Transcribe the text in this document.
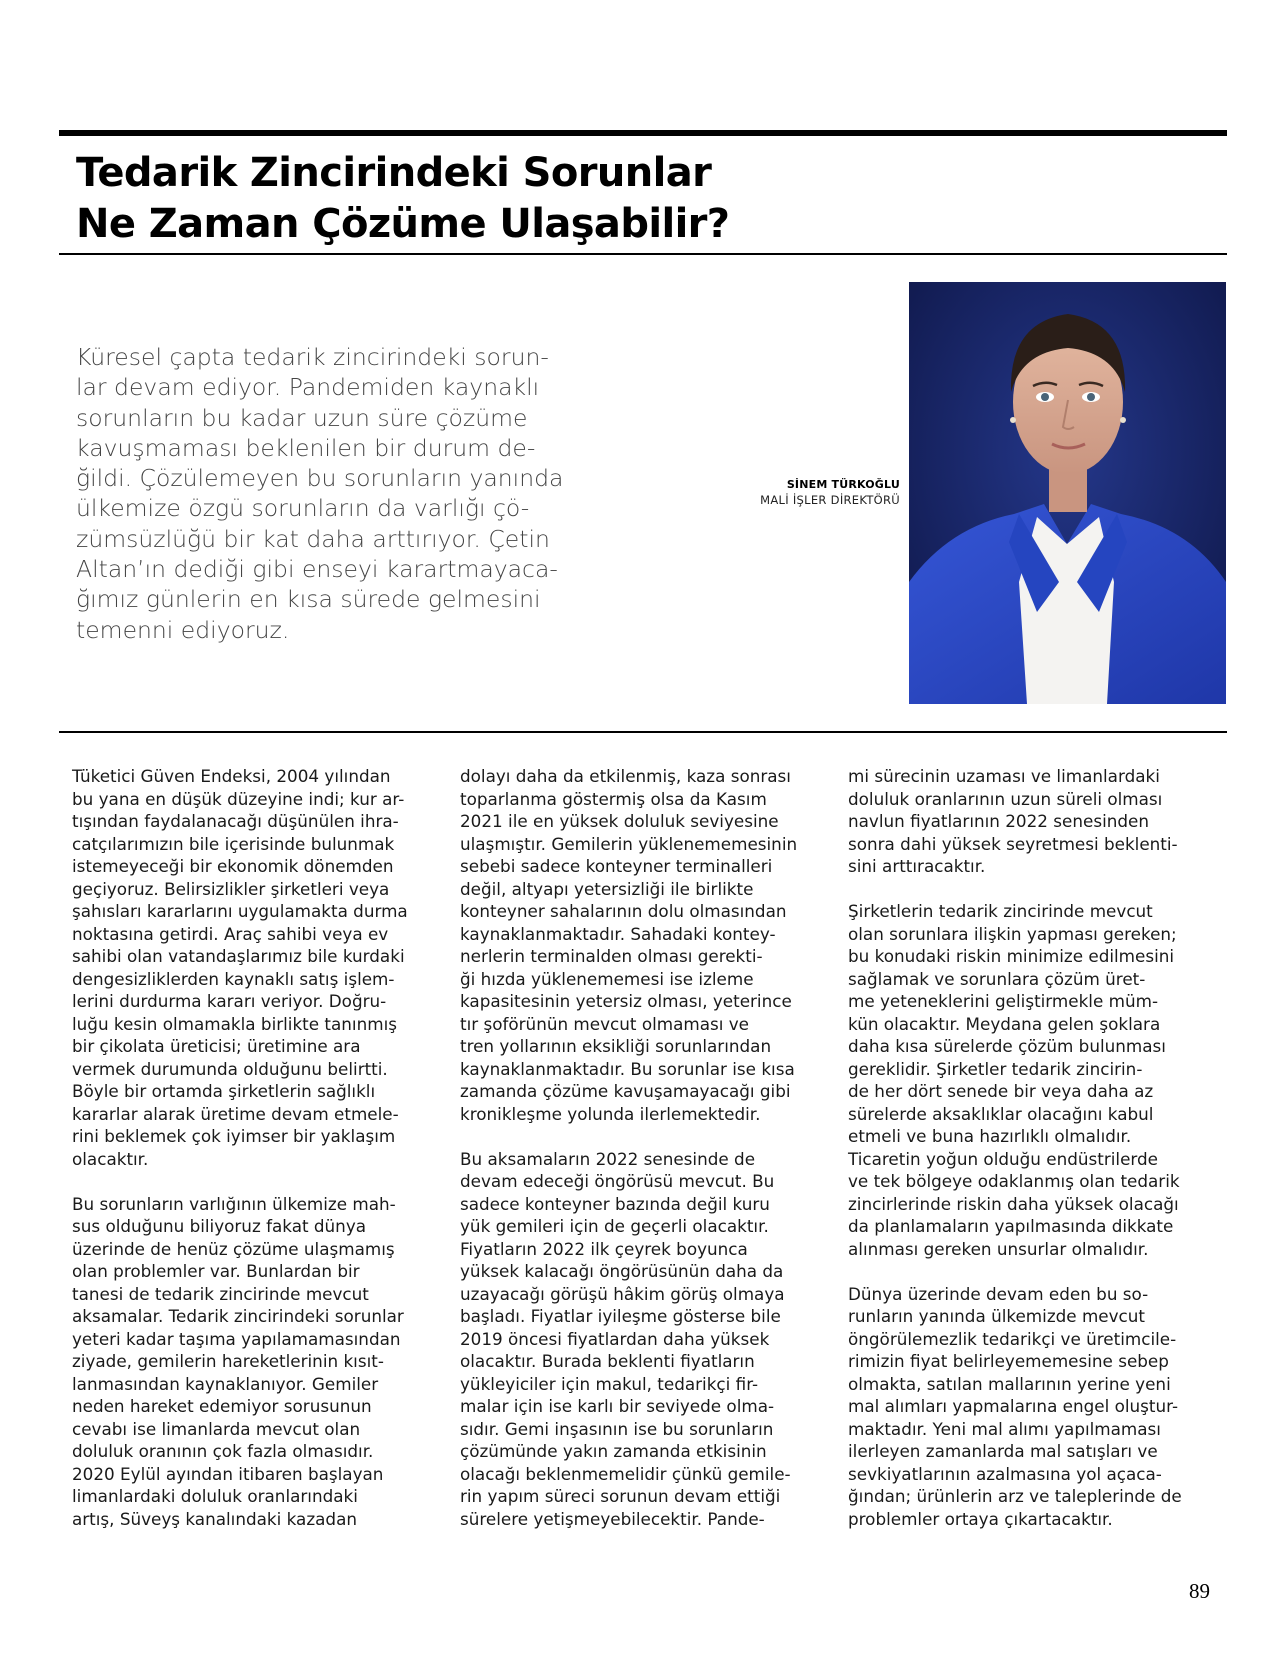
Tedarik Zincirindeki Sorunlar
Ne Zaman Çözüme Ulaşabilir?
Küresel çapta tedarik zincirindeki sorun-
lar devam ediyor. Pandemiden kaynaklı
sorunların bu kadar uzun süre çözüme
kavuşmaması beklenilen bir durum de-
ğildi. Çözülemeyen bu sorunların yanında
ülkemize özgü sorunların da varlığı çö-
zümsüzlüğü bir kat daha arttırıyor. Çetin
Altan’ın dediği gibi enseyi karartmayaca-
ğımız günlerin en kısa sürede gelmesini
temenni ediyoruz.
SİNEM TÜRKOĞLU
MALİ İŞLER DİREKTÖRÜ

Tüketici Güven Endeksi, 2004 yılından
bu yana en düşük düzeyine indi; kur ar-
tışından faydalanacağı düşünülen ihra-
catçılarımızın bile içerisinde bulunmak
istemeyeceği bir ekonomik dönemden
geçiyoruz. Belirsizlikler şirketleri veya
şahısları kararlarını uygulamakta durma
noktasına getirdi. Araç sahibi veya ev
sahibi olan vatandaşlarımız bile kurdaki
dengesizliklerden kaynaklı satış işlem-
lerini durdurma kararı veriyor. Doğru-
luğu kesin olmamakla birlikte tanınmış
bir çikolata üreticisi; üretimine ara
vermek durumunda olduğunu belirtti.
Böyle bir ortamda şirketlerin sağlıklı
kararlar alarak üretime devam etmele-
rini beklemek çok iyimser bir yaklaşım
olacaktır.

Bu sorunların varlığının ülkemize mah-
sus olduğunu biliyoruz fakat dünya
üzerinde de henüz çözüme ulaşmamış
olan problemler var. Bunlardan bir
tanesi de tedarik zincirinde mevcut
aksamalar. Tedarik zincirindeki sorunlar
yeteri kadar taşıma yapılamamasından
ziyade, gemilerin hareketlerinin kısıt-
lanmasından kaynaklanıyor. Gemiler
neden hareket edemiyor sorusunun
cevabı ise limanlarda mevcut olan
doluluk oranının çok fazla olmasıdır.
2020 Eylül ayından itibaren başlayan
limanlardaki doluluk oranlarındaki
artış, Süveyş kanalındaki kazadan

dolayı daha da etkilenmiş, kaza sonrası
toparlanma göstermiş olsa da Kasım
2021 ile en yüksek doluluk seviyesine
ulaşmıştır. Gemilerin yüklenememesinin
sebebi sadece konteyner terminalleri
değil, altyapı yetersizliği ile birlikte
konteyner sahalarının dolu olmasından
kaynaklanmaktadır. Sahadaki kontey-
nerlerin terminalden olması gerekti-
ği hızda yüklenememesi ise izleme
kapasitesinin yetersiz olması, yeterince
tır şoförünün mevcut olmaması ve
tren yollarının eksikliği sorunlarından
kaynaklanmaktadır. Bu sorunlar ise kısa
zamanda çözüme kavuşamayacağı gibi
kronikleşme yolunda ilerlemektedir.

Bu aksamaların 2022 senesinde de
devam edeceği öngörüsü mevcut. Bu
sadece konteyner bazında değil kuru
yük gemileri için de geçerli olacaktır.
Fiyatların 2022 ilk çeyrek boyunca
yüksek kalacağı öngörüsünün daha da
uzayacağı görüşü hâkim görüş olmaya
başladı. Fiyatlar iyileşme gösterse bile
2019 öncesi fiyatlardan daha yüksek
olacaktır. Burada beklenti fiyatların
yükleyiciler için makul, tedarikçi fir-
malar için ise karlı bir seviyede olma-
sıdır. Gemi inşasının ise bu sorunların
çözümünde yakın zamanda etkisinin
olacağı beklenmemelidir çünkü gemile-
rin yapım süreci sorunun devam ettiği
sürelere yetişmeyebilecektir. Pande-

mi sürecinin uzaması ve limanlardaki
doluluk oranlarının uzun süreli olması
navlun fiyatlarının 2022 senesinden
sonra dahi yüksek seyretmesi beklenti-
sini arttıracaktır.

Şirketlerin tedarik zincirinde mevcut
olan sorunlara ilişkin yapması gereken;
bu konudaki riskin minimize edilmesini
sağlamak ve sorunlara çözüm üret-
me yeteneklerini geliştirmekle müm-
kün olacaktır. Meydana gelen şoklara
daha kısa sürelerde çözüm bulunması
gereklidir. Şirketler tedarik zincirin-
de her dört senede bir veya daha az
sürelerde aksaklıklar olacağını kabul
etmeli ve buna hazırlıklı olmalıdır.
Ticaretin yoğun olduğu endüstrilerde
ve tek bölgeye odaklanmış olan tedarik
zincirlerinde riskin daha yüksek olacağı
da planlamaların yapılmasında dikkate
alınması gereken unsurlar olmalıdır.

Dünya üzerinde devam eden bu so-
runların yanında ülkemizde mevcut
öngörülemezlik tedarikçi ve üretimcile-
rimizin fiyat belirleyememesine sebep
olmakta, satılan mallarının yerine yeni
mal alımları yapmalarına engel oluştur-
maktadır. Yeni mal alımı yapılmaması
ilerleyen zamanlarda mal satışları ve
sevkiyatlarının azalmasına yol açaca-
ğından; ürünlerin arz ve taleplerinde de
problemler ortaya çıkartacaktır.

89
